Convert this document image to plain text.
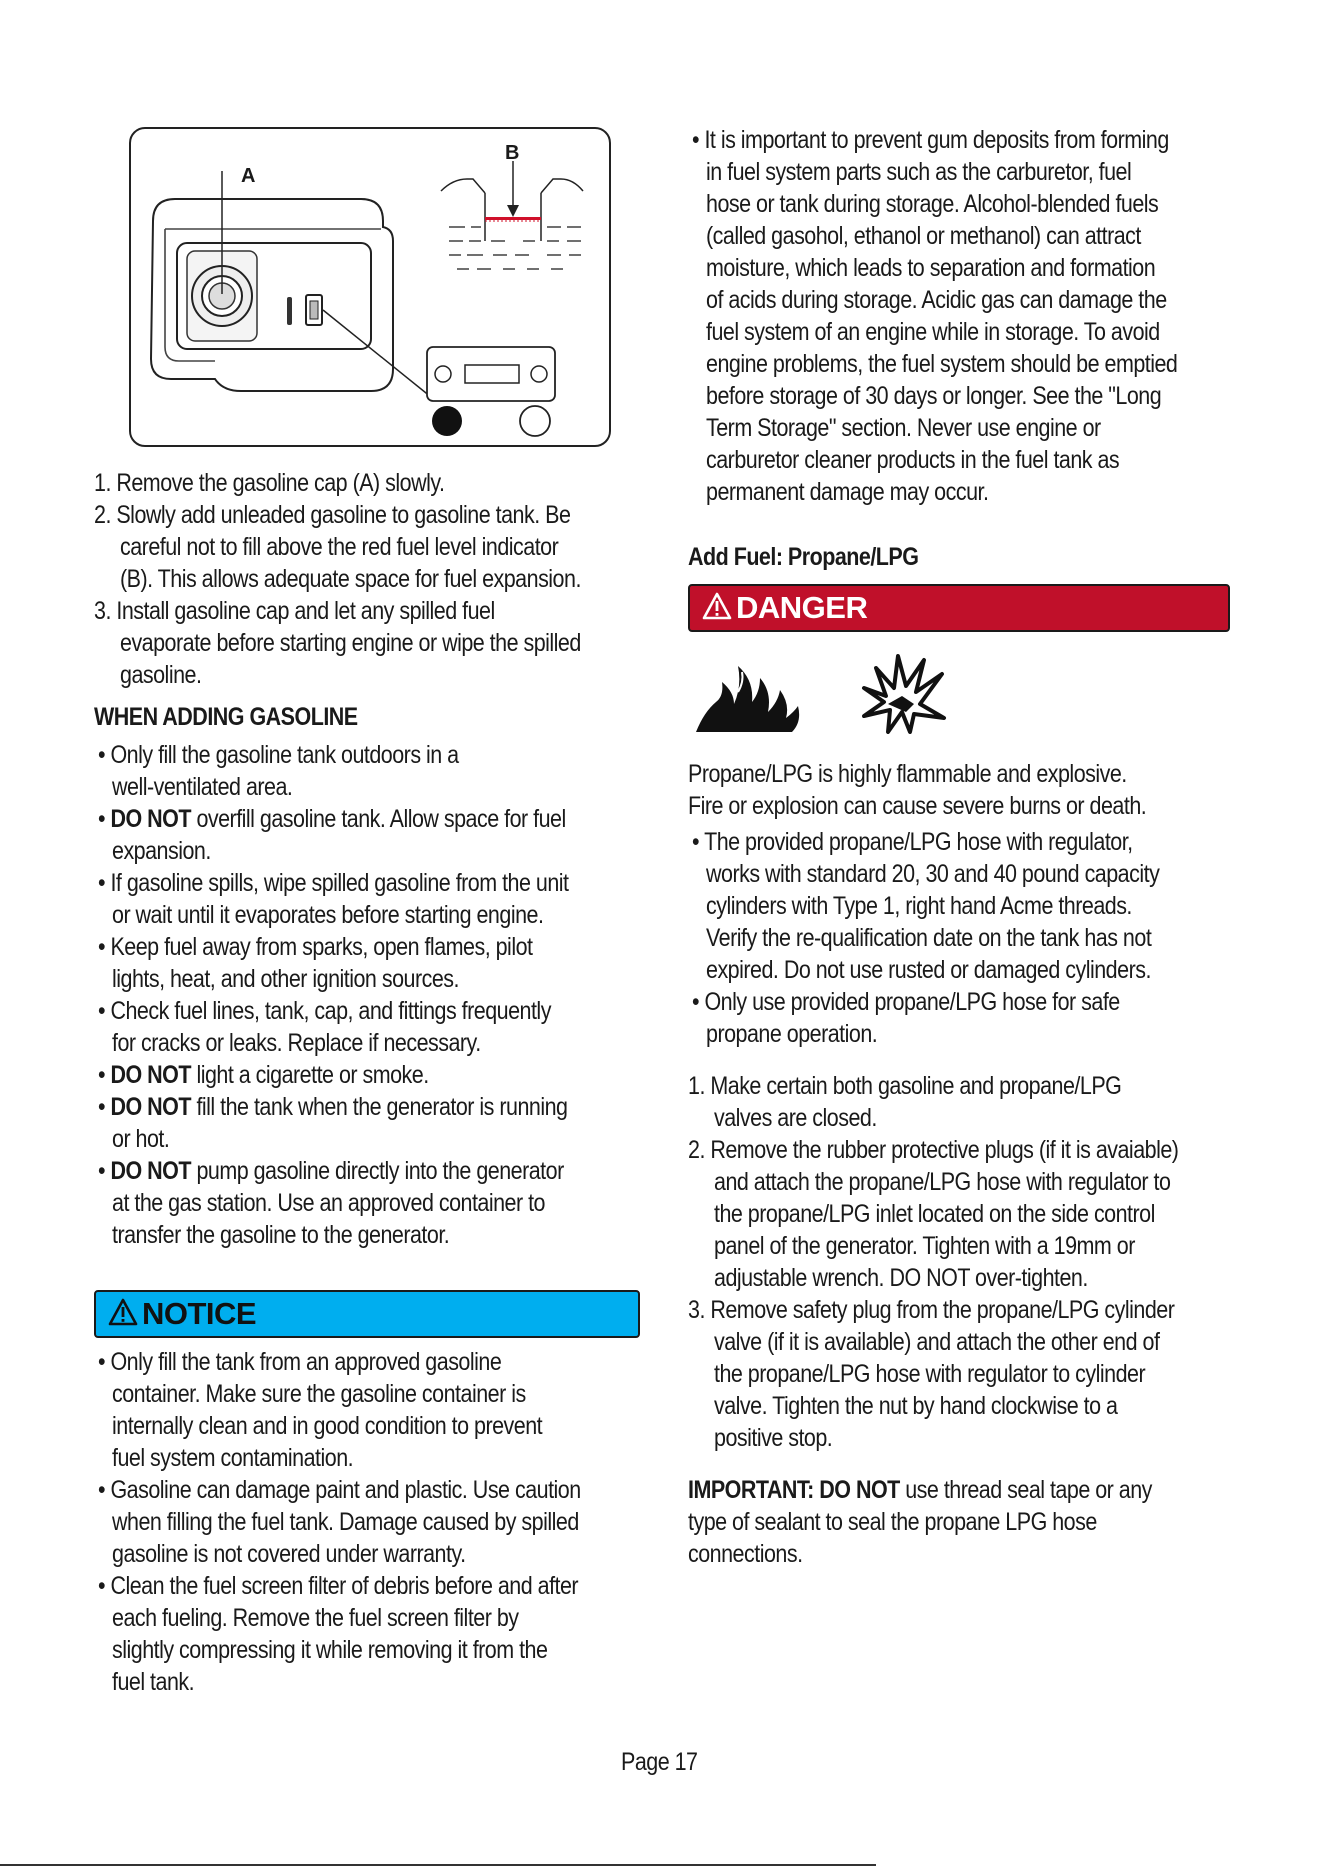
A
B
1. Remove the gasoline cap (A) slowly.
2. Slowly add unleaded gasoline to gasoline tank. Be
careful not to fill above the red fuel level indicator
(B). This allows adequate space for fuel expansion.
3. Install gasoline cap and let any spilled fuel
evaporate before starting engine or wipe the spilled
gasoline.
WHEN ADDING GASOLINE
• Only fill the gasoline tank outdoors in a
well-ventilated area.
• DO NOT overfill gasoline tank. Allow space for fuel
expansion.
• If gasoline spills, wipe spilled gasoline from the unit
or wait until it evaporates before starting engine.
• Keep fuel away from sparks, open flames, pilot
lights, heat, and other ignition sources.
• Check fuel lines, tank, cap, and fittings frequently
for cracks or leaks. Replace if necessary.
• DO NOT light a cigarette or smoke.
• DO NOT fill the tank when the generator is running
or hot.
• DO NOT pump gasoline directly into the generator
at the gas station. Use an approved container to
transfer the gasoline to the generator.
NOTICE
• Only fill the tank from an approved gasoline
container. Make sure the gasoline container is
internally clean and in good condition to prevent
fuel system contamination.
• Gasoline can damage paint and plastic. Use caution
when filling the fuel tank. Damage caused by spilled
gasoline is not covered under warranty.
• Clean the fuel screen filter of debris before and after
each fueling. Remove the fuel screen filter by
slightly compressing it while removing it from the
fuel tank.
• It is important to prevent gum deposits from forming
in fuel system parts such as the carburetor, fuel
hose or tank during storage. Alcohol-blended fuels
(called gasohol, ethanol or methanol) can attract
moisture, which leads to separation and formation
of acids during storage. Acidic gas can damage the
fuel system of an engine while in storage. To avoid
engine problems, the fuel system should be emptied
before storage of 30 days or longer. See the "Long
Term Storage" section. Never use engine or
carburetor cleaner products in the fuel tank as
permanent damage may occur.
Add Fuel: Propane/LPG
DANGER
Propane/LPG is highly flammable and explosive.
Fire or explosion can cause severe burns or death.
• The provided propane/LPG hose with regulator,
works with standard 20, 30 and 40 pound capacity
cylinders with Type 1, right hand Acme threads.
Verify the re-qualification date on the tank has not
expired. Do not use rusted or damaged cylinders.
• Only use provided propane/LPG hose for safe
propane operation.
1. Make certain both gasoline and propane/LPG
valves are closed.
2. Remove the rubber protective plugs (if it is avaiable)
and attach the propane/LPG hose with regulator to
the propane/LPG inlet located on the side control
panel of the generator. Tighten with a 19mm or
adjustable wrench. DO NOT over-tighten.
3. Remove safety plug from the propane/LPG cylinder
valve (if it is available) and attach the other end of
the propane/LPG hose with regulator to cylinder
valve. Tighten the nut by hand clockwise to a
positive stop.
IMPORTANT: DO NOT use thread seal tape or any
type of sealant to seal the propane LPG hose
connections.
Page 17
